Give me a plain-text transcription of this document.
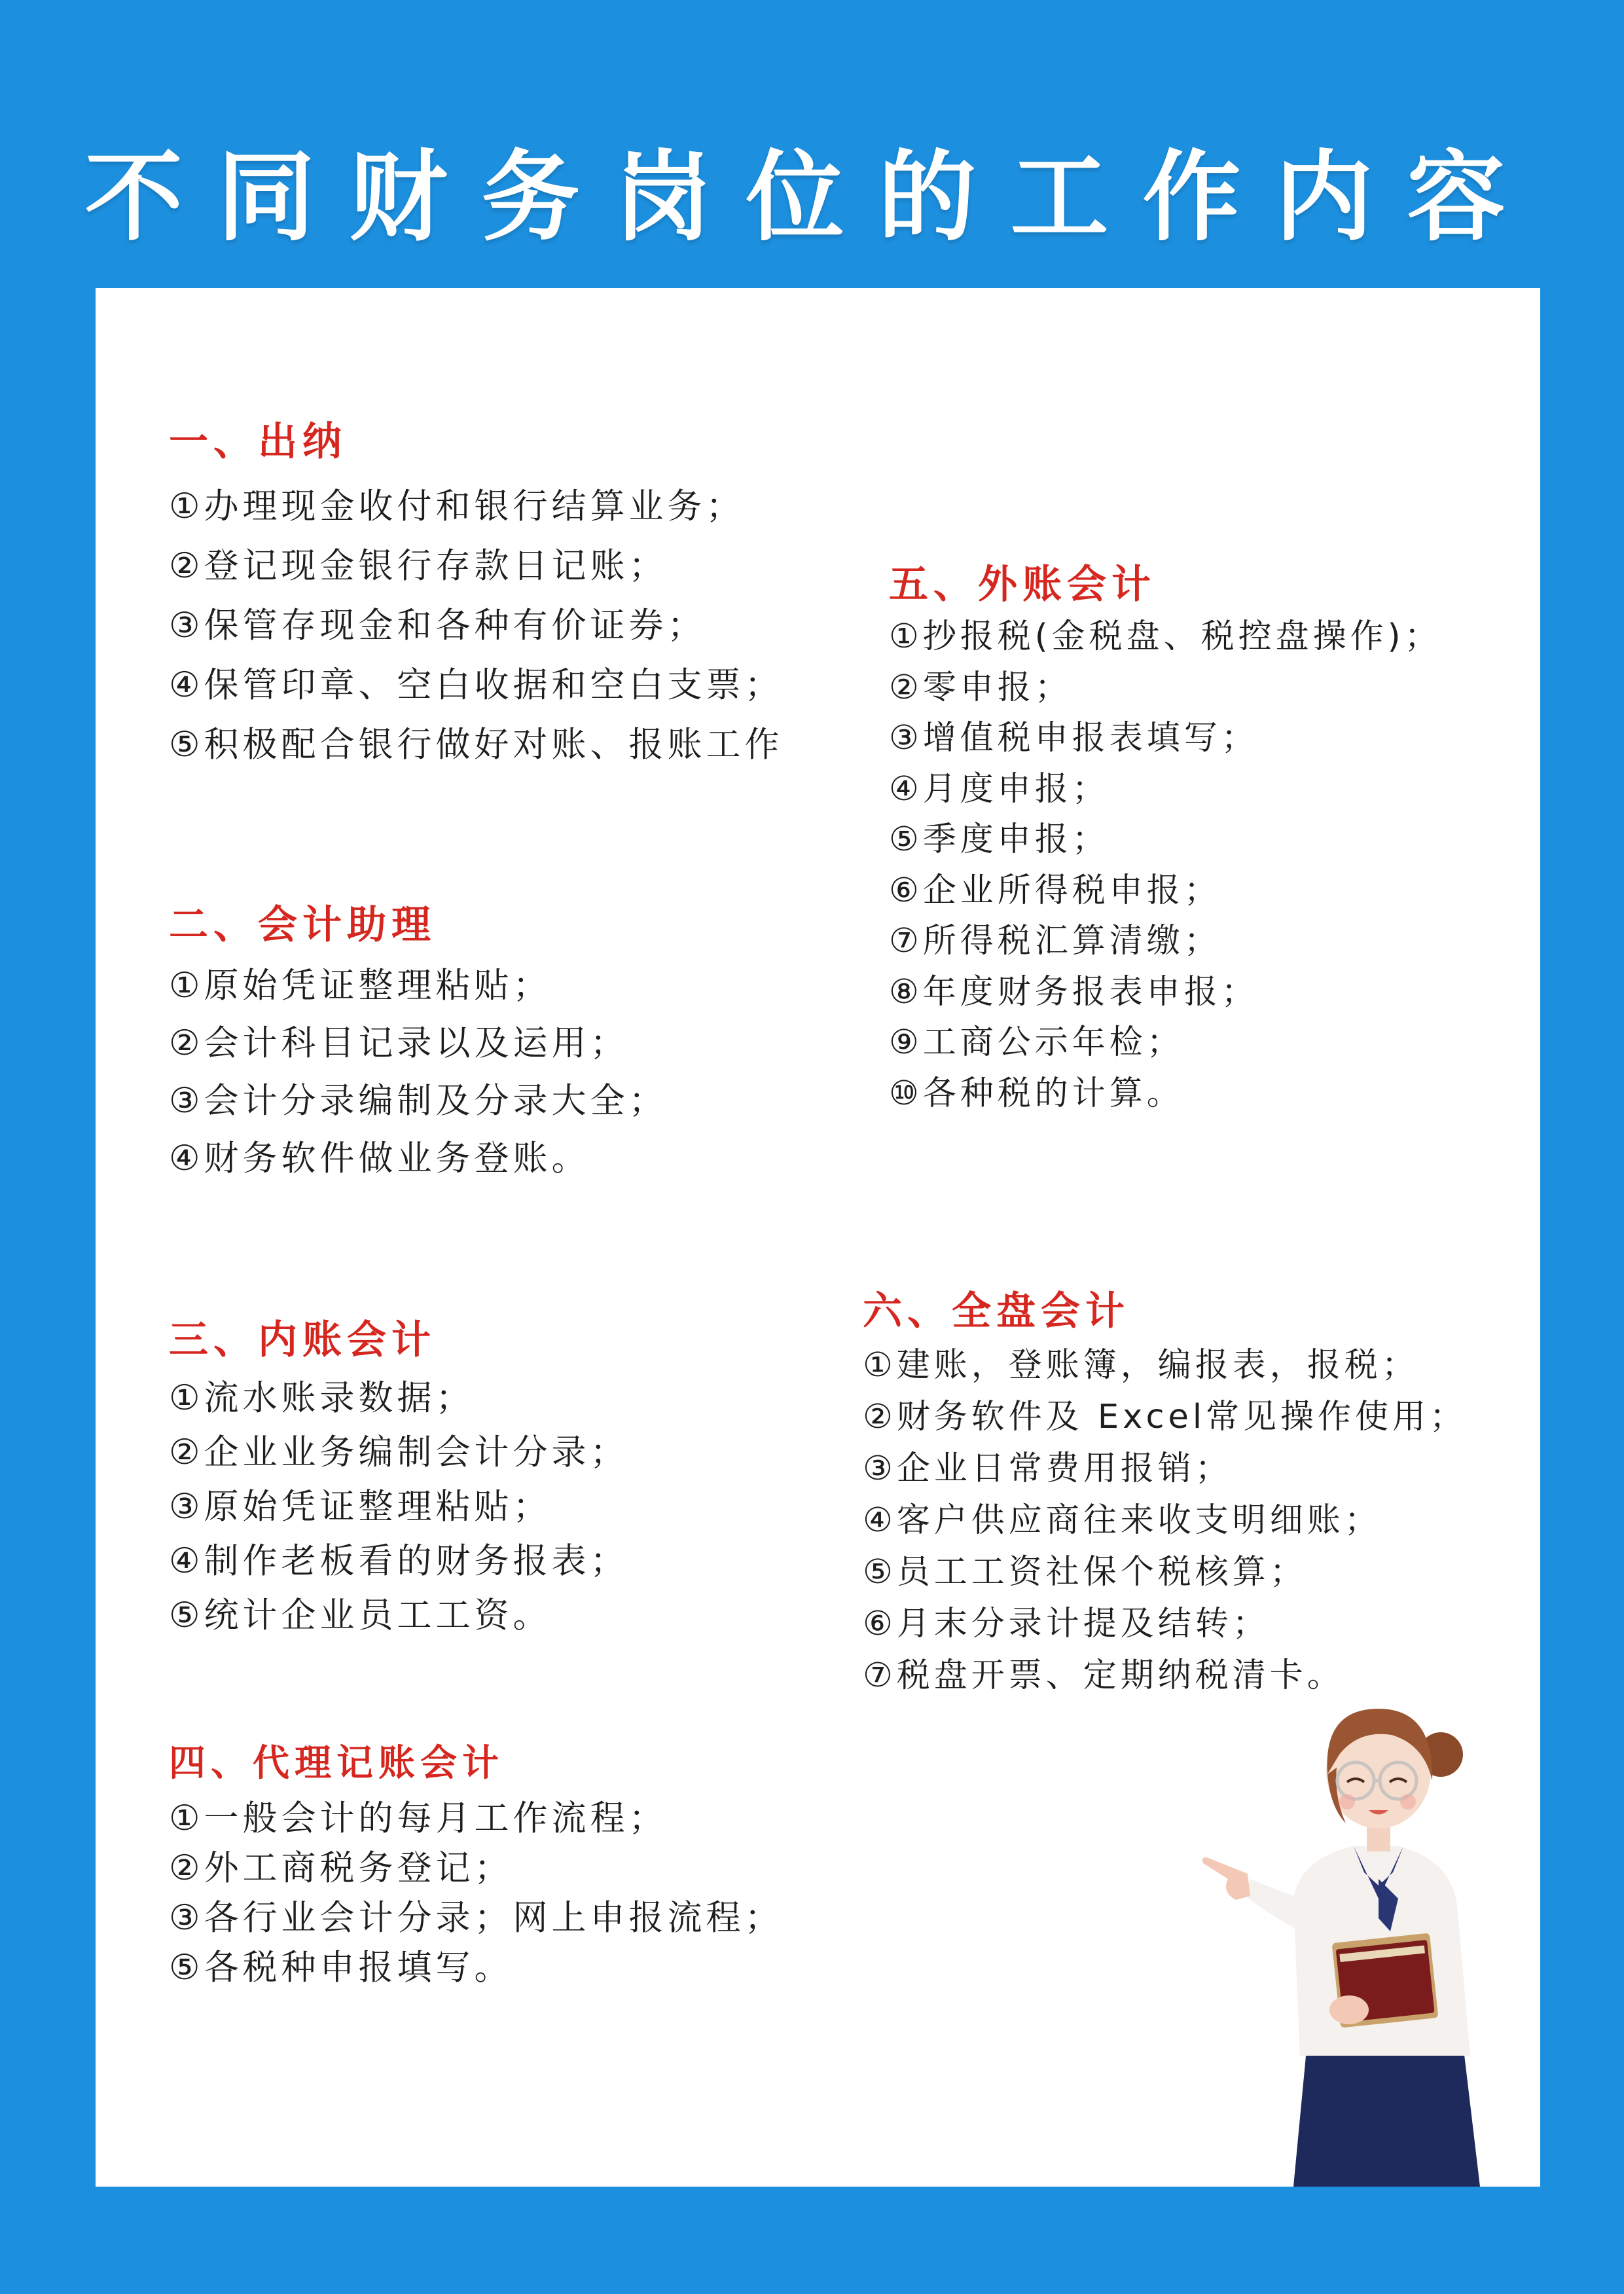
不同财务岗位的工作内容
一、出纳
①办理现金收付和银行结算业务；
②登记现金银行存款日记账；
③保管存现金和各种有价证券；
④保管印章、空白收据和空白支票；
⑤积极配合银行做好对账、报账工作
二、会计助理
①原始凭证整理粘贴；
②会计科目记录以及运用；
③会计分录编制及分录大全；
④财务软件做业务登账。
三、内账会计
①流水账录数据；
②企业业务编制会计分录；
③原始凭证整理粘贴；
④制作老板看的财务报表；
⑤统计企业员工工资。
四、代理记账会计
①一般会计的每月工作流程；
②外工商税务登记；
③各行业会计分录；网上申报流程；
⑤各税种申报填写。
五、外账会计
①抄报税(金税盘、税控盘操作)；
②零申报；
③增值税申报表填写；
④月度申报；
⑤季度申报；
⑥企业所得税申报；
⑦所得税汇算清缴；
⑧年度财务报表申报；
⑨工商公示年检；
⑩各种税的计算。
六、全盘会计
①建账，登账簿，编报表，报税；
②财务软件及 Excel常见操作使用；
③企业日常费用报销；
④客户供应商往来收支明细账；
⑤员工工资社保个税核算；
⑥月末分录计提及结转；
⑦税盘开票、定期纳税清卡。
